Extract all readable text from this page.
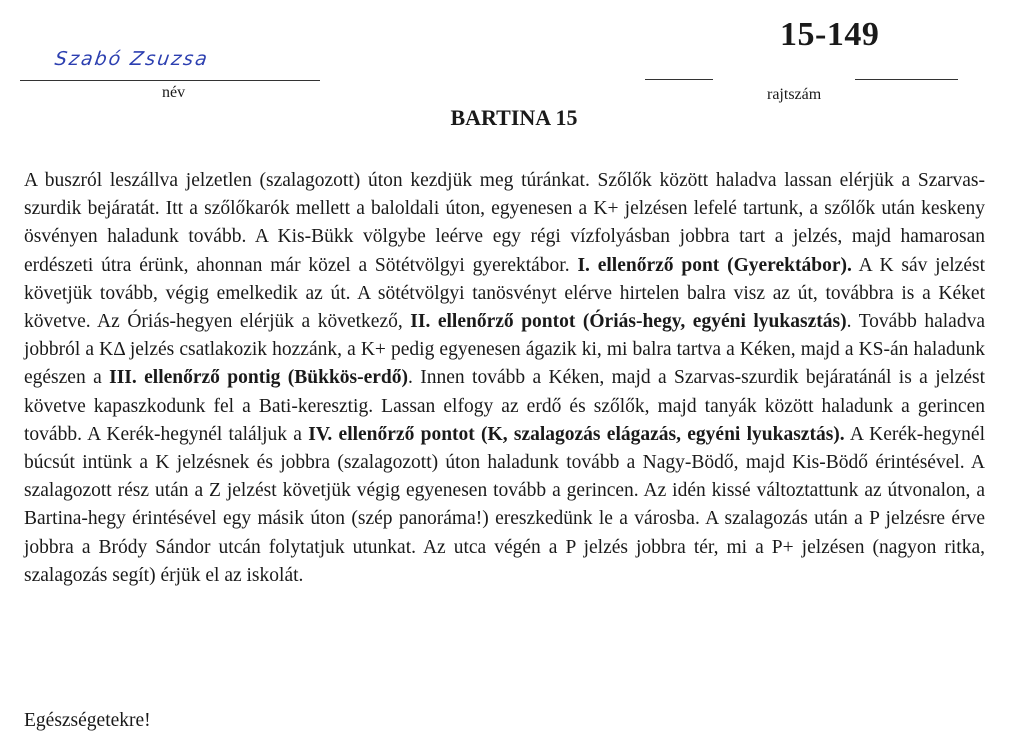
Szabó Zsuzsa
név
15-149
rajtszám
BARTINA 15
A buszról leszállva jelzetlen (szalagozott) úton kezdjük meg túránkat. Szőlők között haladva lassan elérjük a Szarvas-szurdik bejáratát. Itt a szőlőkarók mellett a baloldali úton, egyenesen a K+ jelzésen lefelé tartunk, a szőlők után keskeny ösvényen haladunk tovább. A Kis-Bükk völgybe leérve egy régi vízfolyásban jobbra tart a jelzés, majd hamarosan erdészeti útra érünk, ahonnan már közel a Sötétvölgyi gyerektábor. I. ellenőrző pont (Gyerektábor). A K sáv jelzést követjük tovább, végig emelkedik az út. A sötétvölgyi tanösvényt elérve hirtelen balra visz az út, továbbra is a Kéket követve. Az Óriás-hegyen elérjük a következő, II. ellenőrző pontot (Óriás-hegy, egyéni lyukasztás). Tovább haladva jobbról a KΔ jelzés csatlakozik hozzánk, a K+ pedig egyenesen ágazik ki, mi balra tartva a Kéken, majd a KS-án haladunk egészen a III. ellenőrző pontig (Bükkös-erdő). Innen tovább a Kéken, majd a Szarvas-szurdik bejáratánál is a jelzést követve kapaszkodunk fel a Bati-keresztig. Lassan elfogy az erdő és szőlők, majd tanyák között haladunk a gerincen tovább. A Kerék-hegynél találjuk a IV. ellenőrző pontot (K, szalagozás elágazás, egyéni lyukasztás). A Kerék-hegynél búcsút intünk a K jelzésnek és jobbra (szalagozott) úton haladunk tovább a Nagy-Bödő, majd Kis-Bödő érintésével. A szalagozott rész után a Z jelzést követjük végig egyenesen tovább a gerincen. Az idén kissé változtattunk az útvonalon, a Bartina-hegy érintésével egy másik úton (szép panoráma!) ereszkedünk le a városba. A szalagozás után a P jelzésre érve jobbra a Bródy Sándor utcán folytatjuk utunkat. Az utca végén a P jelzés jobbra tér, mi a P+ jelzésen (nagyon ritka, szalagozás segít) érjük el az iskolát.
Egészségetekre!
